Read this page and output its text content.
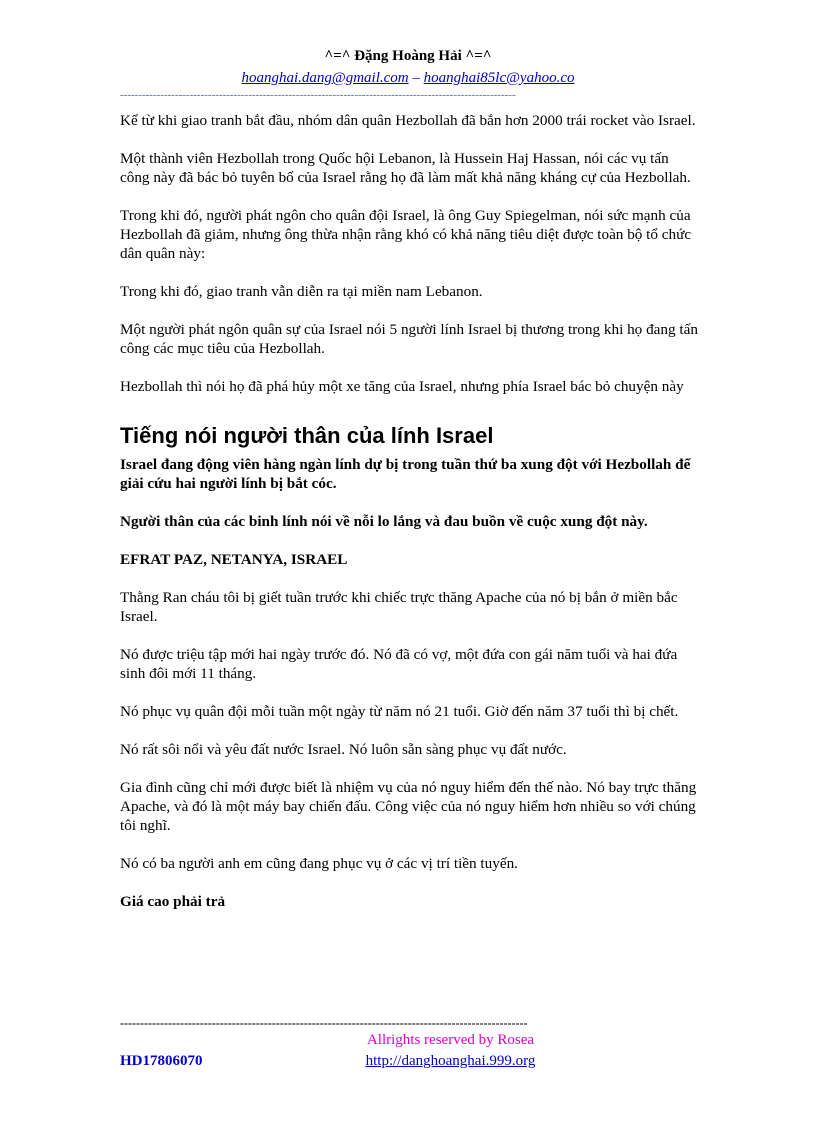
^=^ Đặng Hoàng Hải ^=^
hoanghai.dang@gmail.com – hoanghai85lc@yahoo.co
------------------------------------------------------------------------------------------------------------

Kể từ khi giao tranh bắt đầu, nhóm dân quân Hezbollah đã bắn hơn 2000 trái rocket vào Israel.

Một thành viên Hezbollah trong Quốc hội Lebanon, là Hussein Haj Hassan, nói các vụ tấn công này đã bác bỏ tuyên bố của Israel rằng họ đã làm mất khả năng kháng cự của Hezbollah.

Trong khi đó, người phát ngôn cho quân đội Israel, là ông Guy Spiegelman, nói sức mạnh của Hezbollah đã giảm, nhưng ông thừa nhận rằng khó có khả năng tiêu diệt được toàn bộ tổ chức dân quân này:

Trong khi đó, giao tranh vẫn diễn ra tại miền nam Lebanon.

Một người phát ngôn quân sự của Israel nói 5 người lính Israel bị thương trong khi họ đang tấn công các mục tiêu của Hezbollah.

Hezbollah thì nói họ đã phá hủy một xe tăng của Israel, nhưng phía Israel bác bỏ chuyện này

Tiếng nói người thân của lính Israel

Israel đang động viên hàng ngàn lính dự bị trong tuần thứ ba xung đột với Hezbollah để giải cứu hai người lính bị bắt cóc.

Người thân của các binh lính nói về nỗi lo lắng và đau buồn về cuộc xung đột này.

EFRAT PAZ, NETANYA, ISRAEL

Thằng Ran cháu tôi bị giết tuần trước khi chiếc trực thăng Apache của nó bị bắn ở miền bắc Israel.

Nó được triệu tập mới hai ngày trước đó. Nó đã có vợ, một đứa con gái năm tuổi và hai đứa sinh đôi mới 11 tháng.

Nó phục vụ quân đội mỗi tuần một ngày từ năm nó 21 tuổi. Giờ đến năm 37 tuổi thì bị chết.

Nó rất sôi nổi và yêu đất nước Israel. Nó luôn sẵn sàng phục vụ đất nước.

Gia đình cũng chỉ mới được biết là nhiệm vụ của nó nguy hiểm đến thế nào. Nó bay trực thăng Apache, và đó là một máy bay chiến đấu. Công việc của nó nguy hiểm hơn nhiều so với chúng tôi nghĩ.

Nó có ba người anh em cũng đang phục vụ ở các vị trí tiền tuyến.

Giá cao phải trả

------------------------------------------------------------------------------------------------------
Allrights reserved by Rosea
HD17806070	http://danghoanghai.999.org
